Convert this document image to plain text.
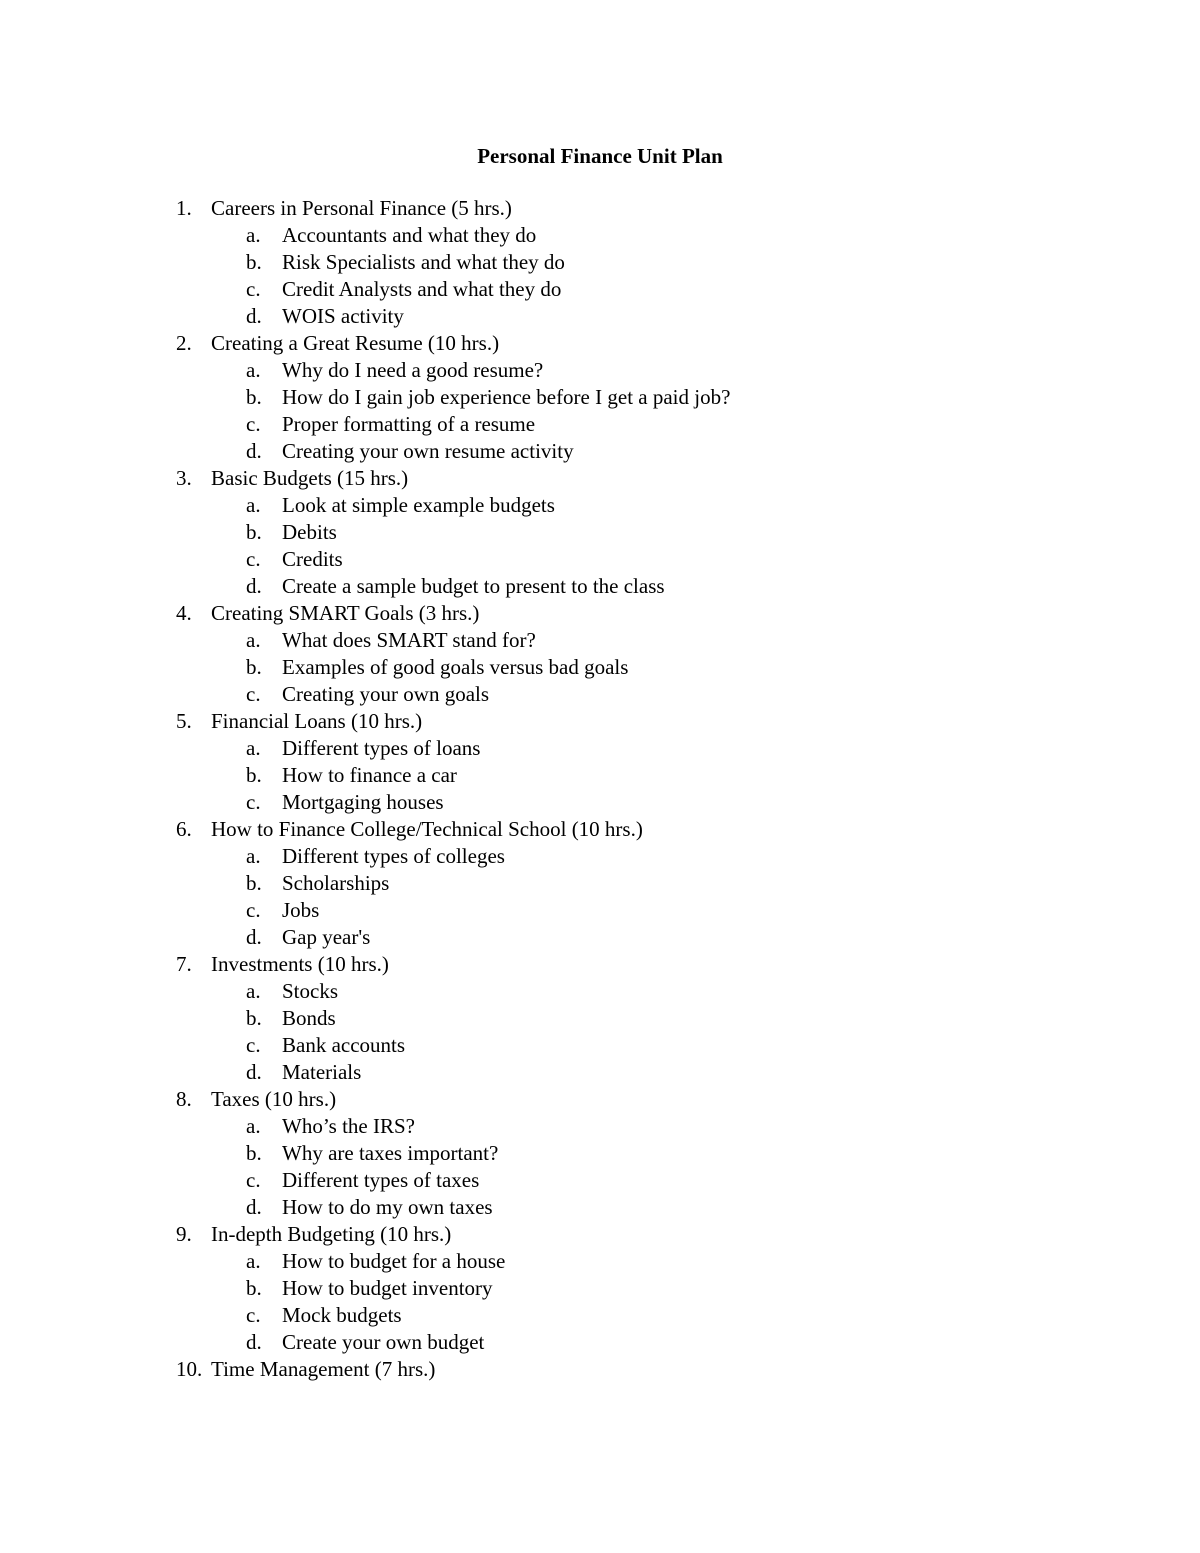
Personal Finance Unit Plan
1. Careers in Personal Finance (5 hrs.)
a. Accountants and what they do
b. Risk Specialists and what they do
c. Credit Analysts and what they do
d. WOIS activity
2. Creating a Great Resume (10 hrs.)
a. Why do I need a good resume?
b. How do I gain job experience before I get a paid job?
c. Proper formatting of a resume
d. Creating your own resume activity
3. Basic Budgets (15 hrs.)
a. Look at simple example budgets
b. Debits
c. Credits
d. Create a sample budget to present to the class
4. Creating SMART Goals (3 hrs.)
a. What does SMART stand for?
b. Examples of good goals versus bad goals
c. Creating your own goals
5. Financial Loans (10 hrs.)
a. Different types of loans
b. How to finance a car
c. Mortgaging houses
6. How to Finance College/Technical School (10 hrs.)
a. Different types of colleges
b. Scholarships
c. Jobs
d. Gap year's
7. Investments (10 hrs.)
a. Stocks
b. Bonds
c. Bank accounts
d. Materials
8. Taxes (10 hrs.)
a. Who’s the IRS?
b. Why are taxes important?
c. Different types of taxes
d. How to do my own taxes
9. In-depth Budgeting (10 hrs.)
a. How to budget for a house
b. How to budget inventory
c. Mock budgets
d. Create your own budget
10. Time Management (7 hrs.)
